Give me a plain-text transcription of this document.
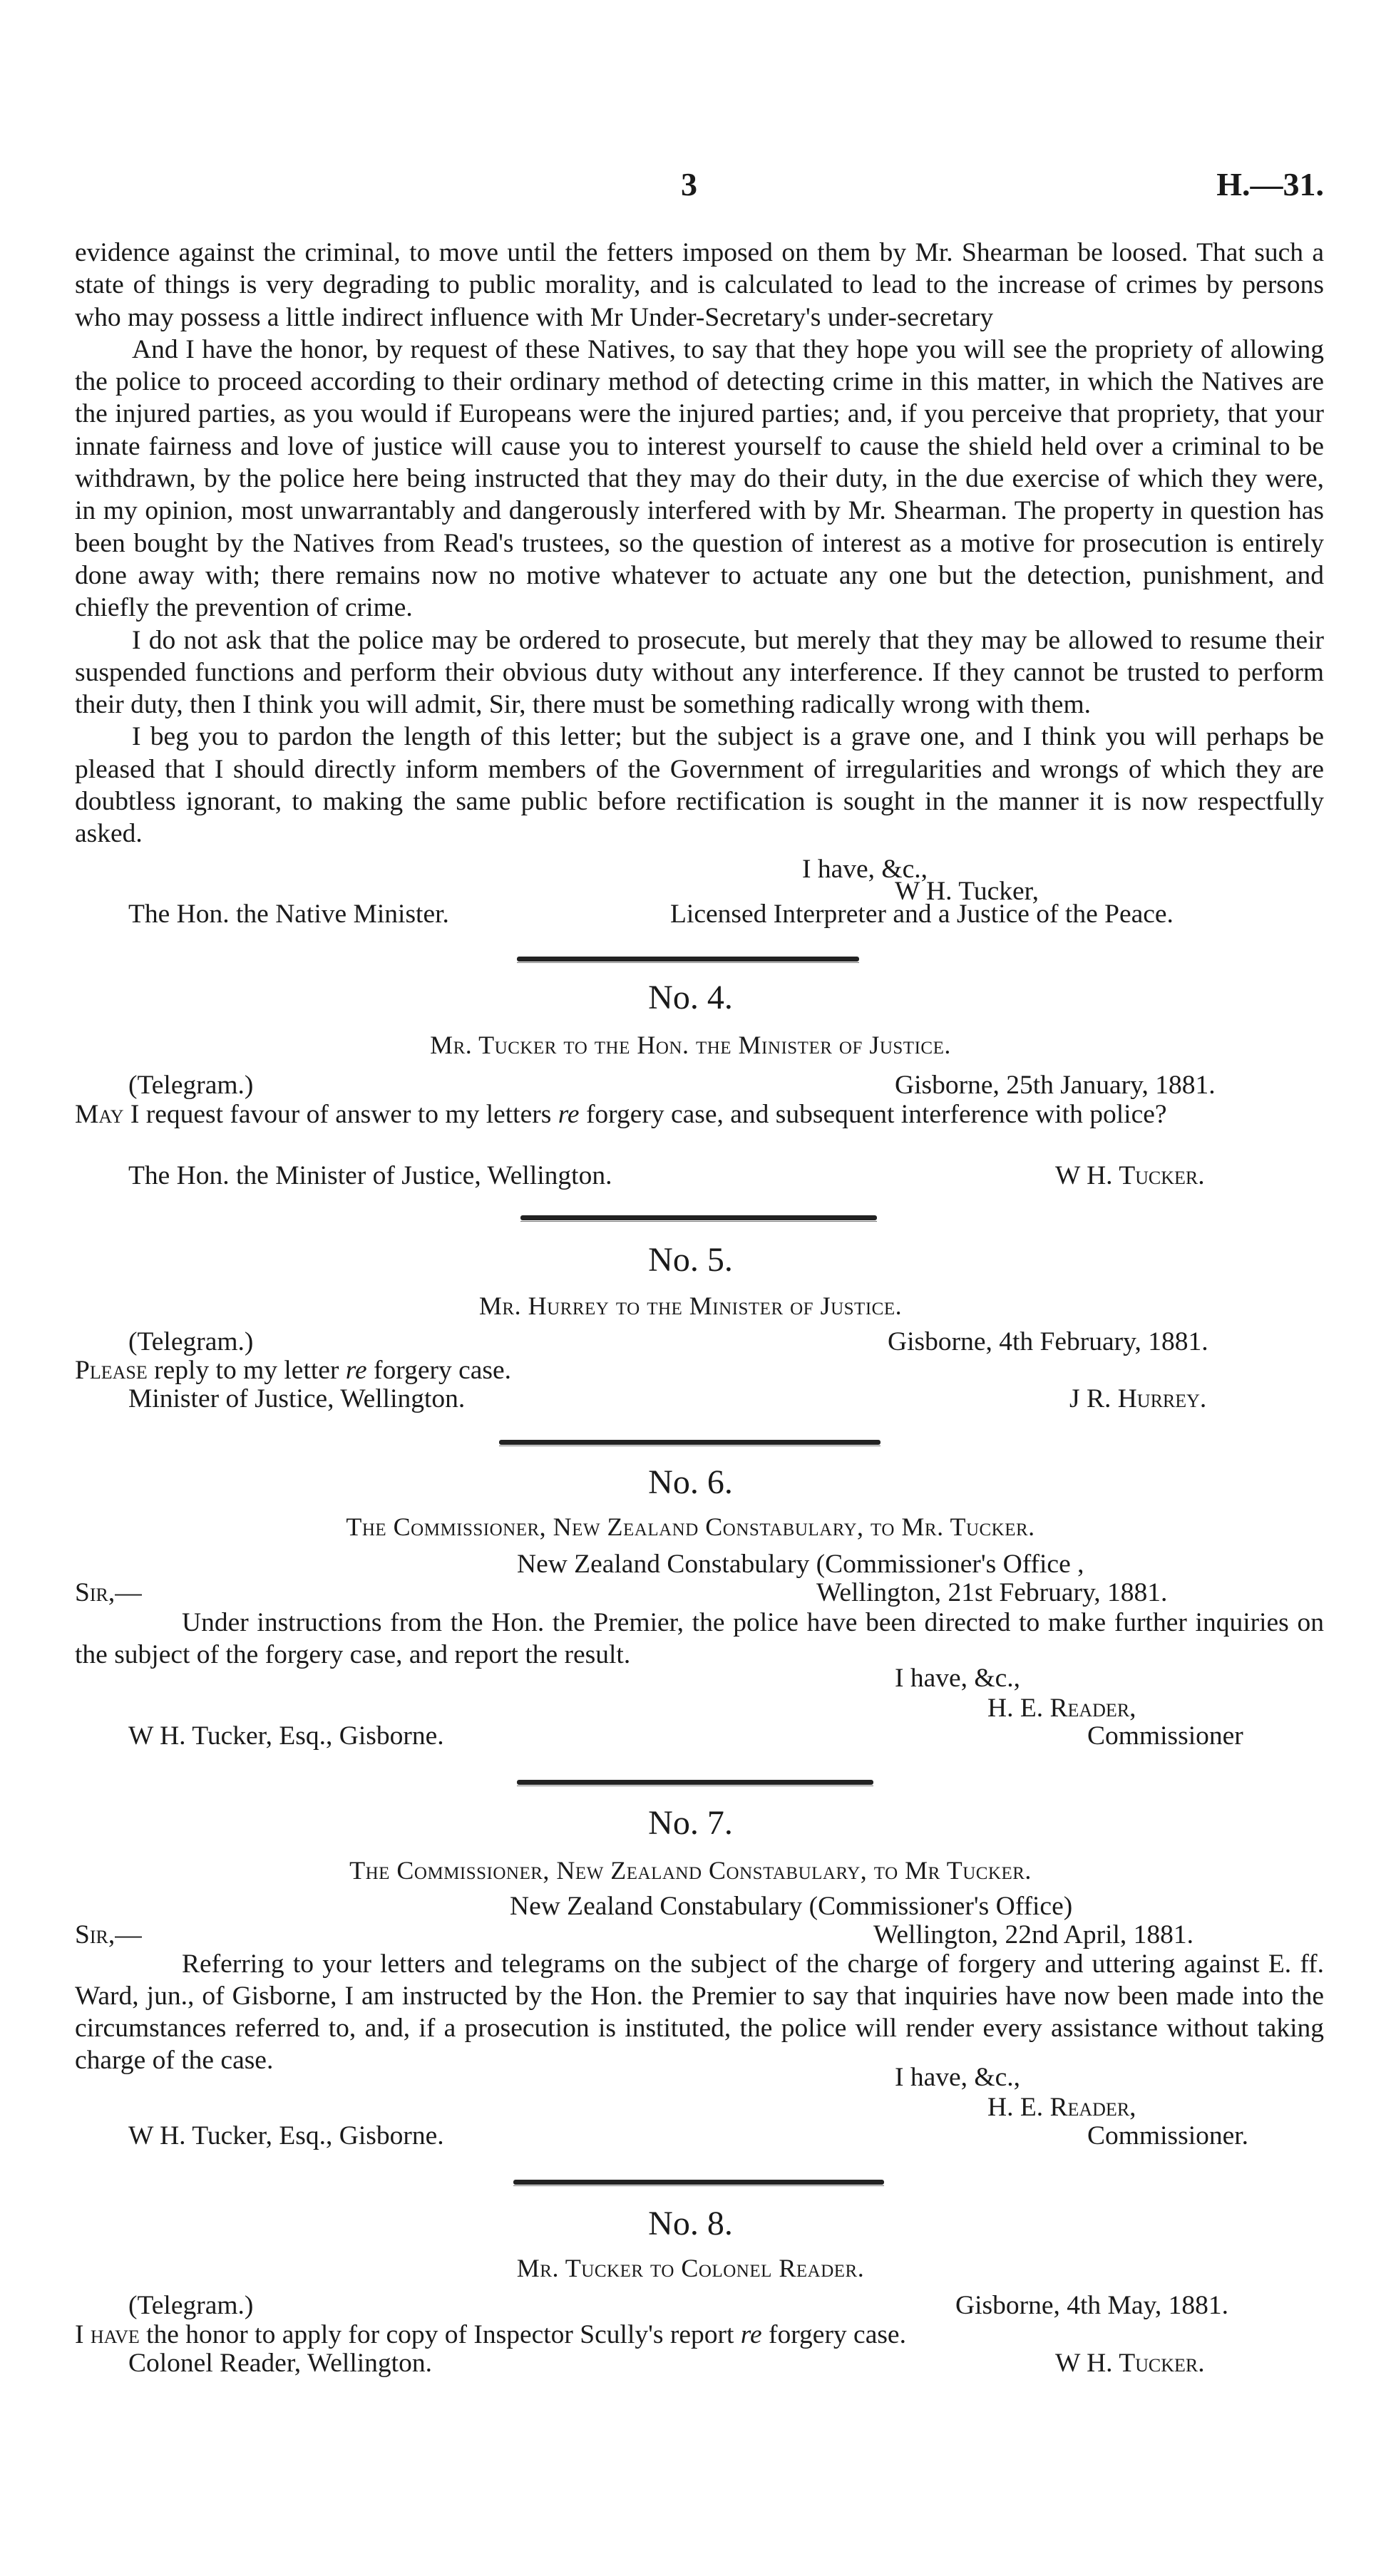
3	H.—31.

evidence against the criminal, to move until the fetters imposed on them by Mr. Shearman be loosed. That such a state of things is very degrading to public morality, and is calculated to lead to the increase of crimes by persons who may possess a little indirect influence with Mr Under-Secretary's under-secretary

And I have the honor, by request of these Natives, to say that they hope you will see the propriety of allowing the police to proceed according to their ordinary method of detecting crime in this matter, in which the Natives are the injured parties, as you would if Europeans were the injured parties; and, if you perceive that propriety, that your innate fairness and love of justice will cause you to interest yourself to cause the shield held over a criminal to be withdrawn, by the police here being instructed that they may do their duty, in the due exercise of which they were, in my opinion, most unwarrantably and dangerously interfered with by Mr. Shearman. The property in question has been bought by the Natives from Read's trustees, so the question of interest as a motive for prosecution is entirely done away with; there remains now no motive whatever to actuate any one but the detection, punishment, and chiefly the prevention of crime.

I do not ask that the police may be ordered to prosecute, but merely that they may be allowed to resume their suspended functions and perform their obvious duty without any interference. If they cannot be trusted to perform their duty, then I think you will admit, Sir, there must be something radically wrong with them.

I beg you to pardon the length of this letter; but the subject is a grave one, and I think you will perhaps be pleased that I should directly inform members of the Government of irregularities and wrongs of which they are doubtless ignorant, to making the same public before rectification is sought in the manner it is now respectfully asked.

I have, &c.,
W H. Tucker,
The Hon. the Native Minister.	Licensed Interpreter and a Justice of the Peace.
No. 4.
Mr. Tucker to the Hon. the Minister of Justice.
(Telegram.)	Gisborne, 25th January, 1881.
May I request favour of answer to my letters re forgery case, and subsequent interference with police?
The Hon. the Minister of Justice, Wellington.	W H. Tucker.
No. 5.
Mr. Hurrey to the Minister of Justice.
(Telegram.)	Gisborne, 4th February, 1881.
Please reply to my letter re forgery case.
Minister of Justice, Wellington.	J R. Hurrey.
No. 6.
The Commissioner, New Zealand Constabulary, to Mr. Tucker.
New Zealand Constabulary (Commissioner's Office ,
Sir,—	Wellington, 21st February, 1881.
Under instructions from the Hon. the Premier, the police have been directed to make further inquiries on the subject of the forgery case, and report the result.
I have, &c.,
H. E. Reader,
Commissioner
W H. Tucker, Esq., Gisborne.
No. 7.
The Commissioner, New Zealand Constabulary, to Mr Tucker.
New Zealand Constabulary (Commissioner's Office)
Sir,—	Wellington, 22nd April, 1881.
Referring to your letters and telegrams on the subject of the charge of forgery and uttering against E. ff. Ward, jun., of Gisborne, I am instructed by the Hon. the Premier to say that inquiries have now been made into the circumstances referred to, and, if a prosecution is instituted, the police will render every assistance without taking charge of the case.
I have, &c.,
H. E. Reader,
Commissioner.
W H. Tucker, Esq., Gisborne.
No. 8.
Mr. Tucker to Colonel Reader.
(Telegram.)	Gisborne, 4th May, 1881.
I have the honor to apply for copy of Inspector Scully's report re forgery case.
Colonel Reader, Wellington.	W H. Tucker.
